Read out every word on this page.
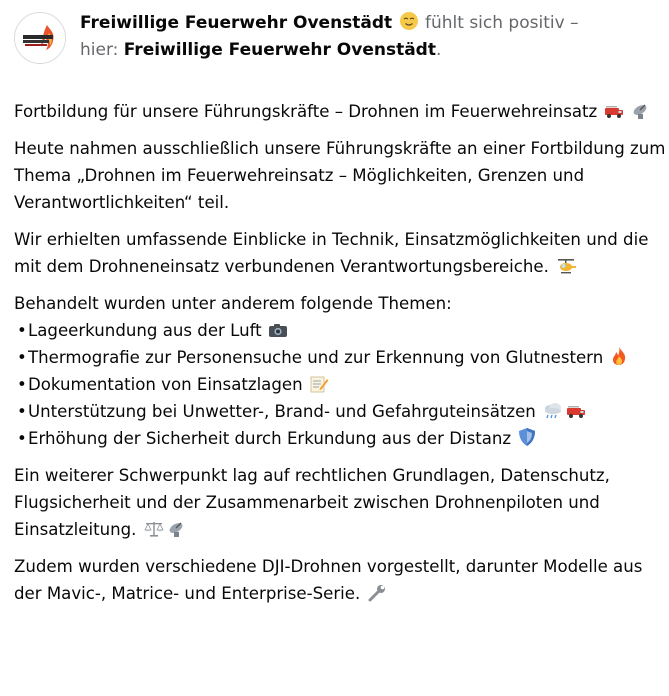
Freiwillige Feuerwehr Ovenstädt fühlt sich positiv –
hier: Freiwillige Feuerwehr Ovenstädt.

Fortbildung für unsere Führungskräfte – Drohnen im Feuerwehreinsatz

Heute nahmen ausschließlich unsere Führungskräfte an einer Fortbildung zum Thema „Drohnen im Feuerwehreinsatz – Möglichkeiten, Grenzen und Verantwortlichkeiten“ teil.

Wir erhielten umfassende Einblicke in Technik, Einsatzmöglichkeiten und die mit dem Drohneneinsatz verbundenen Verantwortungsbereiche.

Behandelt wurden unter anderem folgende Themen:

•Lageerkundung aus der Luft
•Thermografie zur Personensuche und zur Erkennung von Glutnestern
•Dokumentation von Einsatzlagen
•Unterstützung bei Unwetter-, Brand- und Gefahrguteinsätzen
•Erhöhung der Sicherheit durch Erkundung aus der Distanz

Ein weiterer Schwerpunkt lag auf rechtlichen Grundlagen, Datenschutz, Flugsicherheit und der Zusammenarbeit zwischen Drohnenpiloten und Einsatzleitung.

Zudem wurden verschiedene DJI-Drohnen vorgestellt, darunter Modelle aus der Mavic-, Matrice- und Enterprise-Serie.
